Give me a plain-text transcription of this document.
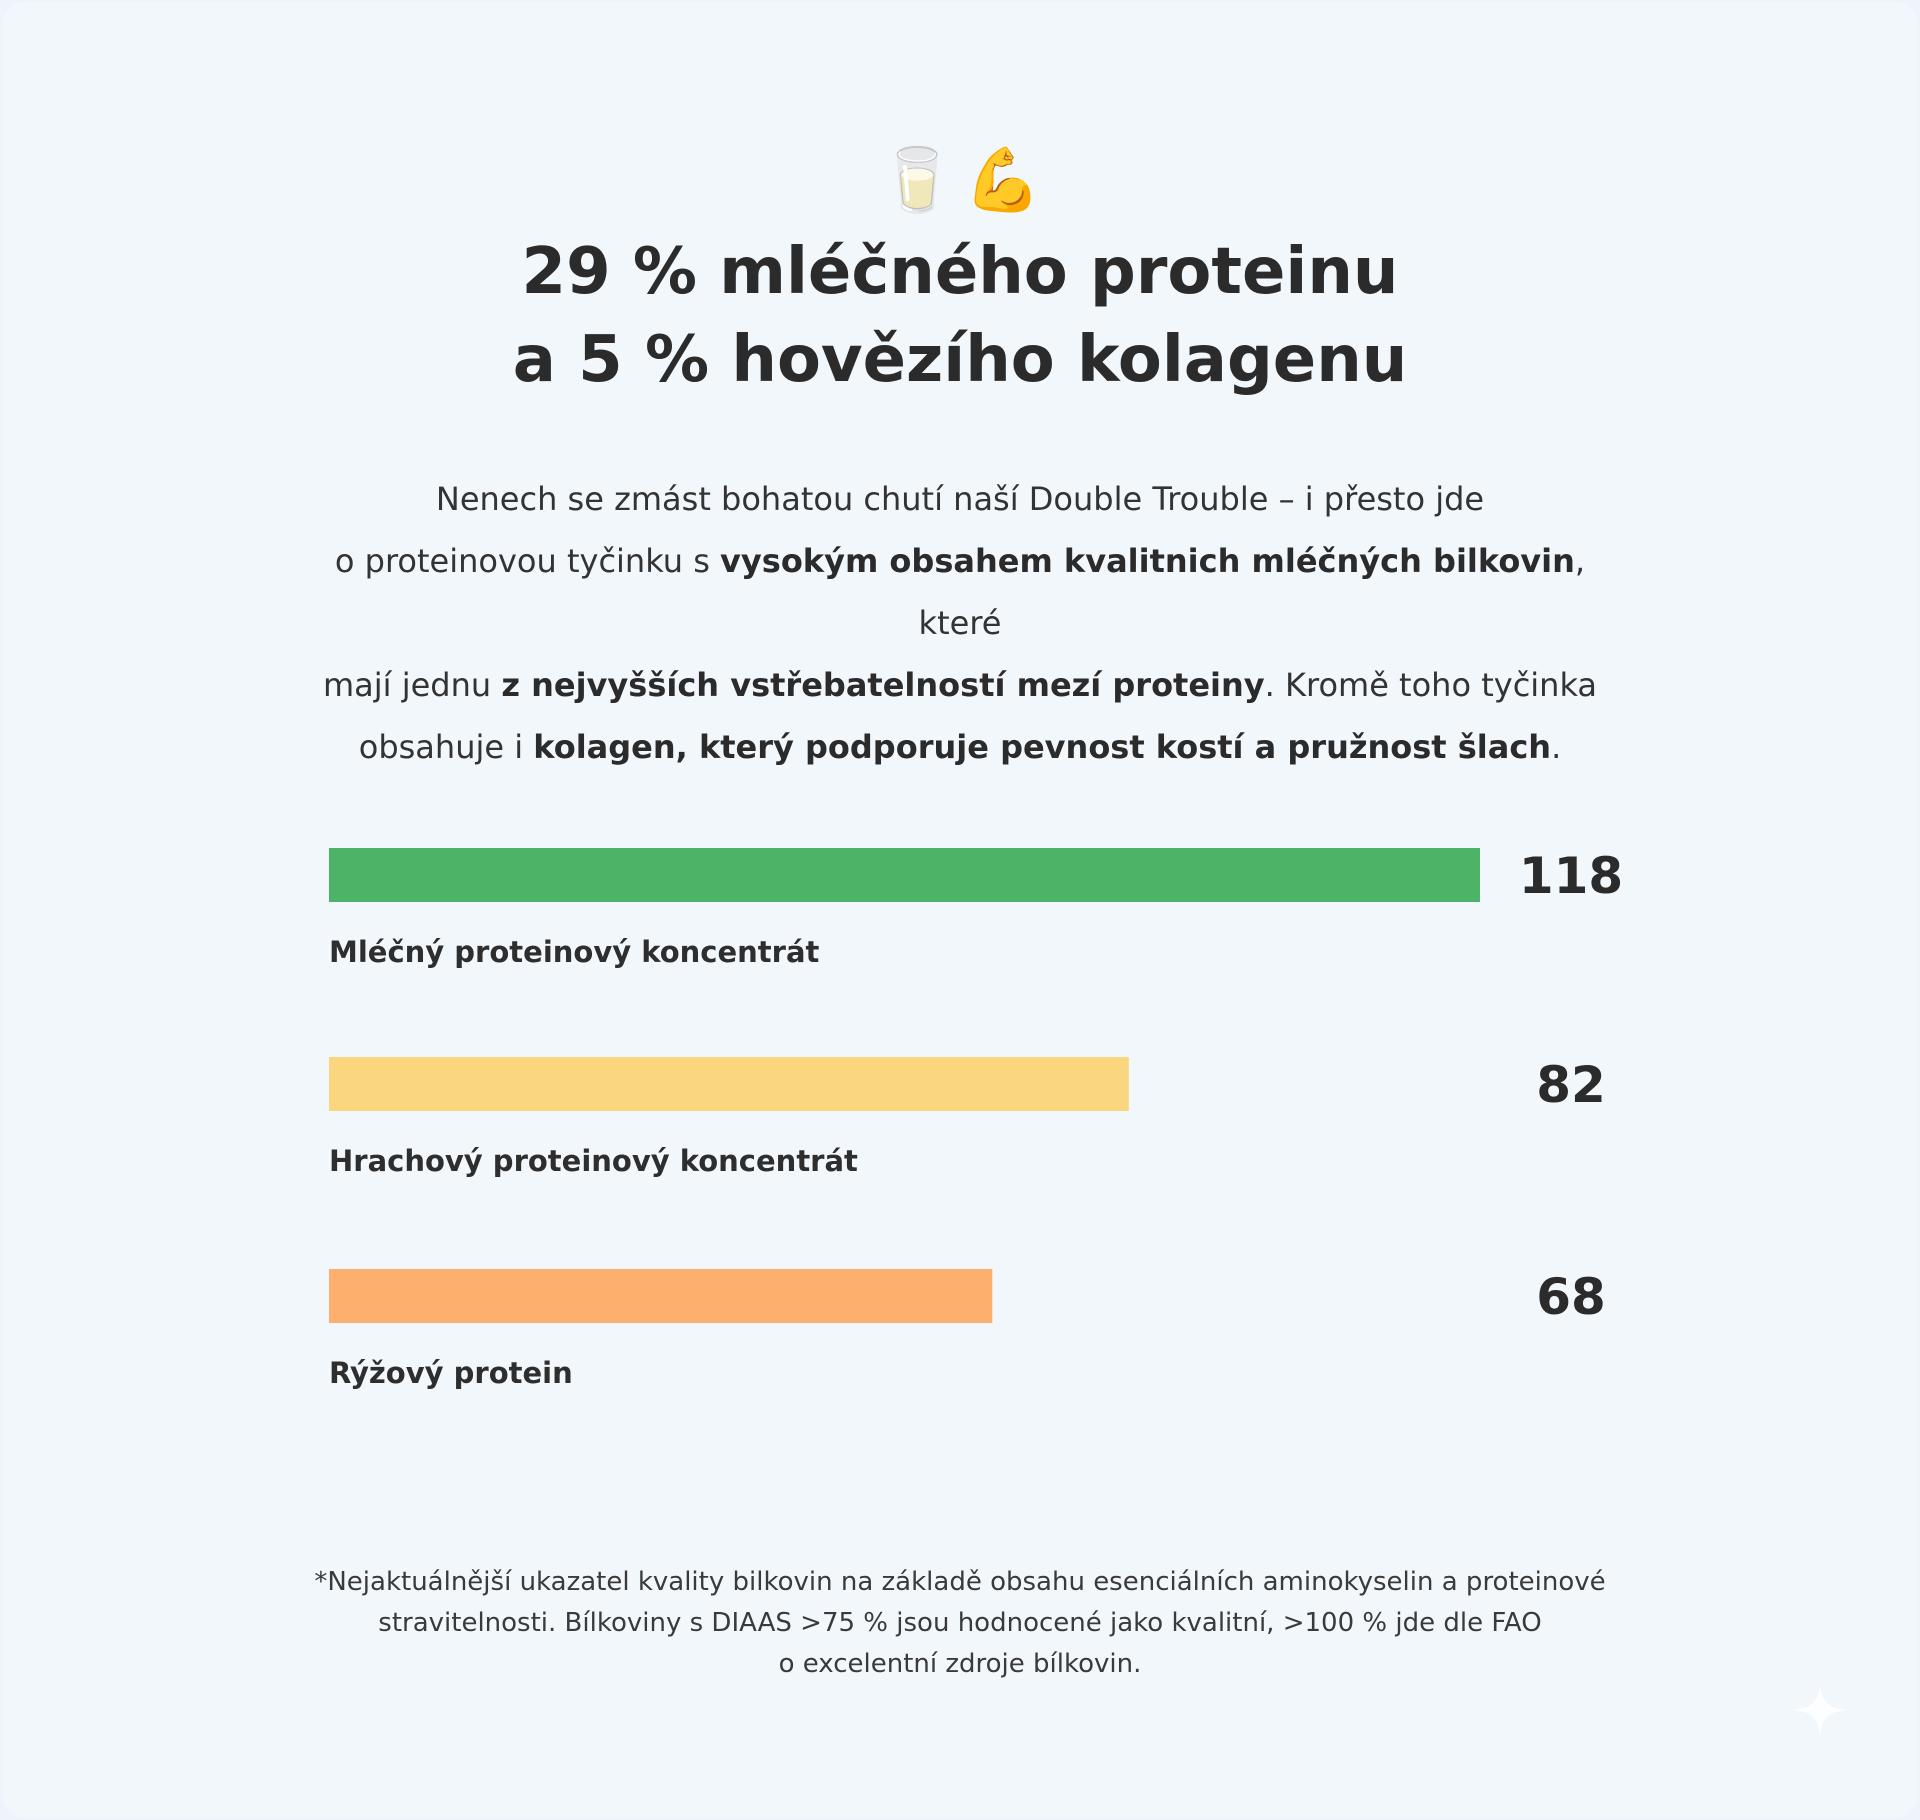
🥛 💪
29 % mléčného proteinu
a 5 % hovězího kolagenu
Nenech se zmást bohatou chutí naší Double Trouble – i přesto jde
o proteinovou tyčinku s vysokým obsahem kvalitnich mléčných bilkovin, které
mají jednu z nejvyšších vstřebatelností mezí proteiny. Kromě toho tyčinka
obsahuje i kolagen, který podporuje pevnost kostí a pružnost šlach.
118
Mléčný proteinový koncentrát
82
Hrachový proteinový koncentrát
68
Rýžový protein
*Nejaktuálnější ukazatel kvality bilkovin na základě obsahu esenciálních aminokyselin a proteinové
stravitelnosti. Bílkoviny s DIAAS >75 % jsou hodnocené jako kvalitní, >100 % jde dle FAO
o excelentní zdroje bílkovin.
